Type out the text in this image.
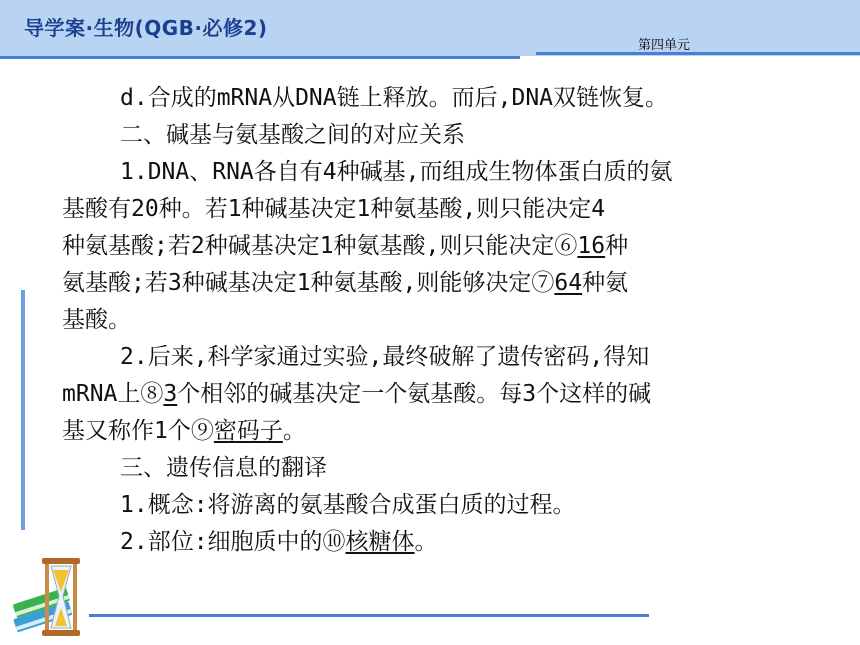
导学案·生物(QGB·必修2)
第四单元
d.合成的mRNA从DNA链上释放。而后,DNA双链恢复。
二、碱基与氨基酸之间的对应关系
1.DNA、RNA各自有4种碱基,而组成生物体蛋白质的氨
基酸有20种。若1种碱基决定1种氨基酸,则只能决定4
种氨基酸;若2种碱基决定1种氨基酸,则只能决定⑥16种
氨基酸;若3种碱基决定1种氨基酸,则能够决定⑦64种氨
基酸。
2.后来,科学家通过实验,最终破解了遗传密码,得知
mRNA上⑧3个相邻的碱基决定一个氨基酸。每3个这样的碱
基又称作1个⑨密码子。
三、遗传信息的翻译
1.概念:将游离的氨基酸合成蛋白质的过程。
2.部位:细胞质中的⑩核糖体。
